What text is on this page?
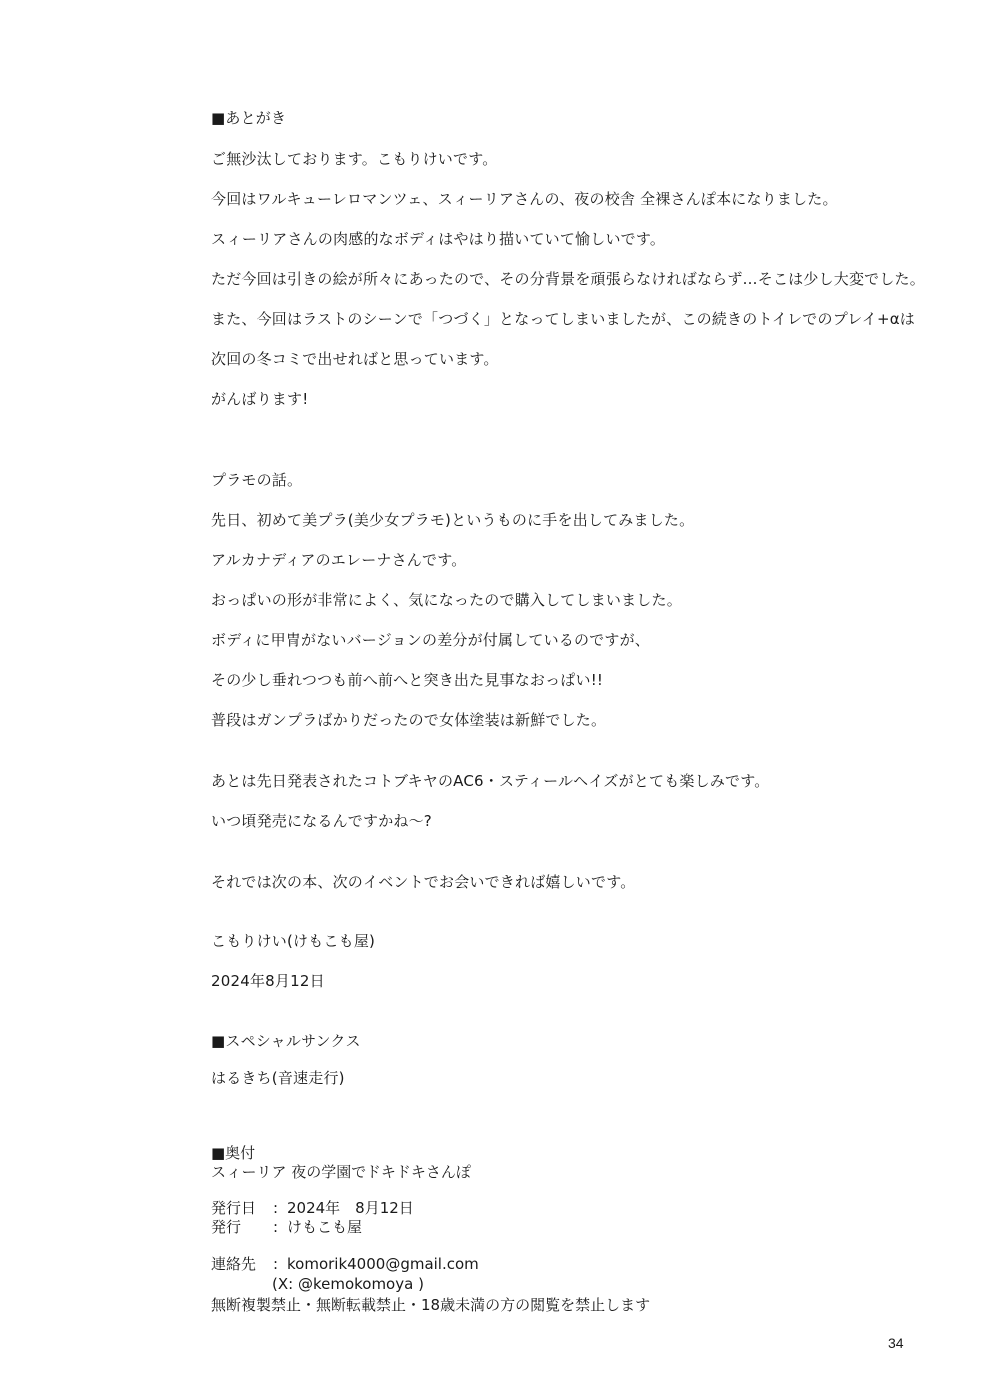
■あとがき
ご無沙汰しております。こもりけいです。
今回はワルキューレロマンツェ、スィーリアさんの、夜の校舎 全裸さんぽ本になりました。
スィーリアさんの肉感的なボディはやはり描いていて愉しいです。
ただ今回は引きの絵が所々にあったので、その分背景を頑張らなければならず…そこは少し大変でした。
また、今回はラストのシーンで「つづく」となってしまいましたが、この続きのトイレでのプレイ+αは
次回の冬コミで出せればと思っています。
がんばります!
プラモの話。
先日、初めて美プラ(美少女プラモ)というものに手を出してみました。
アルカナディアのエレーナさんです。
おっぱいの形が非常によく、気になったので購入してしまいました。
ボディに甲冑がないバージョンの差分が付属しているのですが、
その少し垂れつつも前へ前へと突き出た見事なおっぱい!!
普段はガンプラばかりだったので女体塗装は新鮮でした。
あとは先日発表されたコトブキヤのAC6・スティールヘイズがとても楽しみです。
いつ頃発売になるんですかね～?
それでは次の本、次のイベントでお会いできれば嬉しいです。
こもりけい(けもこも屋)
2024年8月12日
■スペシャルサンクス
はるきち(音速走行)
■奥付
スィーリア 夜の学園でドキドキさんぽ
発行日 : 2024年　8月12日
発行 : けもこも屋
連絡先 : komorik4000@gmail.com
(X: @kemokomoya )
無断複製禁止・無断転載禁止・18歳未満の方の閲覧を禁止します
34
